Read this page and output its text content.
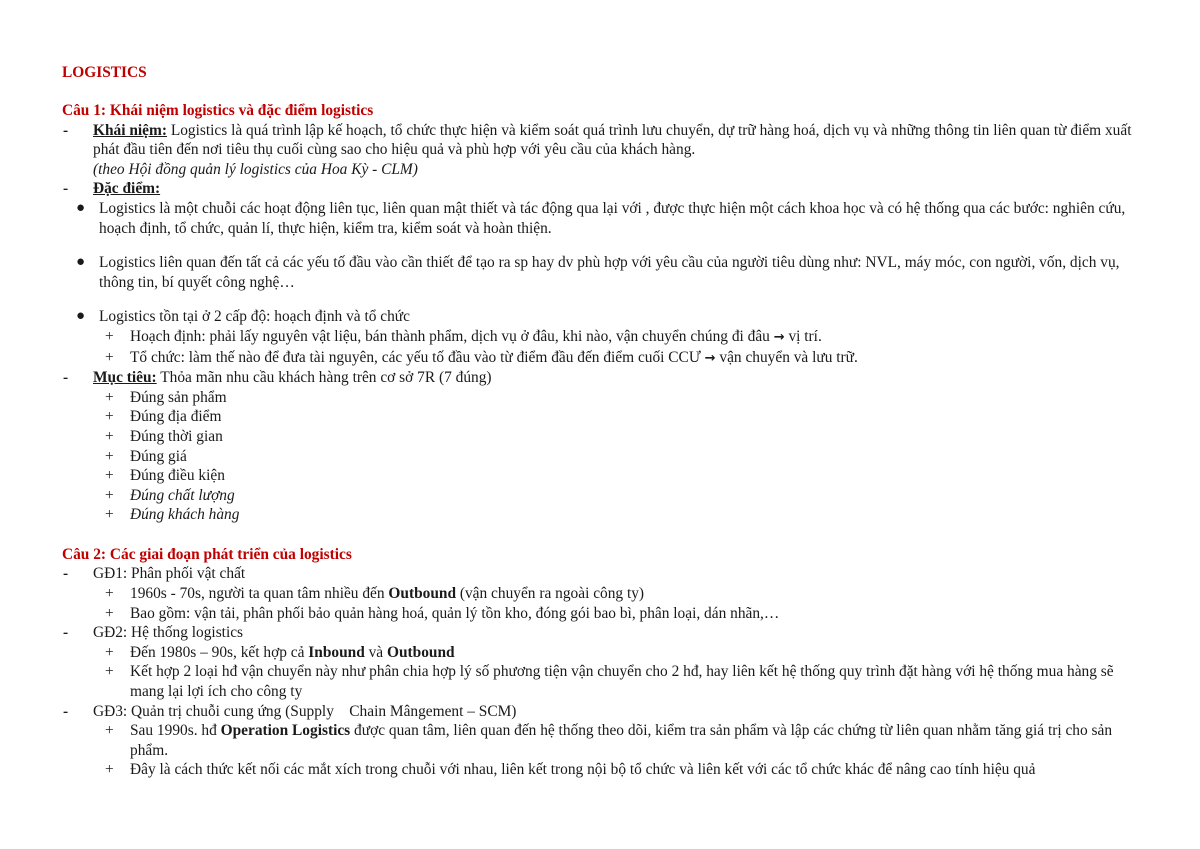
LOGISTICS
Câu 1: Khái niệm logistics và đặc điểm logistics
- Khái niệm: Logistics là quá trình lập kế hoạch, tổ chức thực hiện và kiểm soát quá trình lưu chuyển, dự trữ hàng hoá, dịch vụ và những thông tin liên quan từ điểm xuất phát đầu tiên đến nơi tiêu thụ cuối cùng sao cho hiệu quả và phù hợp với yêu cầu của khách hàng.
(theo Hội đồng quản lý logistics của Hoa Kỳ - CLM)
- Đặc điểm:
● Logistics là một chuỗi các hoạt động liên tục, liên quan mật thiết và tác động qua lại với , được thực hiện một cách khoa học và có hệ thống qua các bước: nghiên cứu, hoạch định, tổ chức, quản lí, thực hiện, kiểm tra, kiểm soát và hoàn thiện.
● Logistics liên quan đến tất cả các yếu tố đầu vào cần thiết để tạo ra sp hay dv phù hợp với yêu cầu của người tiêu dùng như: NVL, máy móc, con người, vốn, dịch vụ, thông tin, bí quyết công nghệ…
● Logistics tồn tại ở 2 cấp độ: hoạch định và tổ chức
+ Hoạch định: phải lấy nguyên vật liệu, bán thành phẩm, dịch vụ ở đâu, khi nào, vận chuyển chúng đi đâu → vị trí.
+ Tổ chức: làm thế nào để đưa tài nguyên, các yếu tố đầu vào từ điểm đầu đến điểm cuối CCƯ → vận chuyển và lưu trữ.
- Mục tiêu: Thỏa mãn nhu cầu khách hàng trên cơ sở 7R (7 đúng)
+ Đúng sản phẩm
+ Đúng địa điểm
+ Đúng thời gian
+ Đúng giá
+ Đúng điều kiện
+ Đúng chất lượng
+ Đúng khách hàng
Câu 2: Các giai đoạn phát triển của logistics
- GĐ1: Phân phối vật chất
+ 1960s - 70s, người ta quan tâm nhiều đến Outbound (vận chuyển ra ngoài công ty)
+ Bao gồm: vận tải, phân phối bảo quản hàng hoá, quản lý tồn kho, đóng gói bao bì, phân loại, dán nhãn,…
- GĐ2: Hệ thống logistics
+ Đến 1980s – 90s, kết hợp cả Inbound và Outbound
+ Kết hợp 2 loại hđ vận chuyển này như phân chia hợp lý số phương tiện vận chuyển cho 2 hđ, hay liên kết hệ thống quy trình đặt hàng với hệ thống mua hàng sẽ mang lại lợi ích cho công ty
- GĐ3: Quản trị chuỗi cung ứng (Supply    Chain Mângement – SCM)
+ Sau 1990s. hđ Operation Logistics được quan tâm, liên quan đến hệ thống theo dõi, kiểm tra sản phẩm và lập các chứng từ liên quan nhằm tăng giá trị cho sản phẩm.
+ Đây là cách thức kết nối các mắt xích trong chuỗi với nhau, liên kết trong nội bộ tổ chức và liên kết với các tổ chức khác để nâng cao tính hiệu quả
